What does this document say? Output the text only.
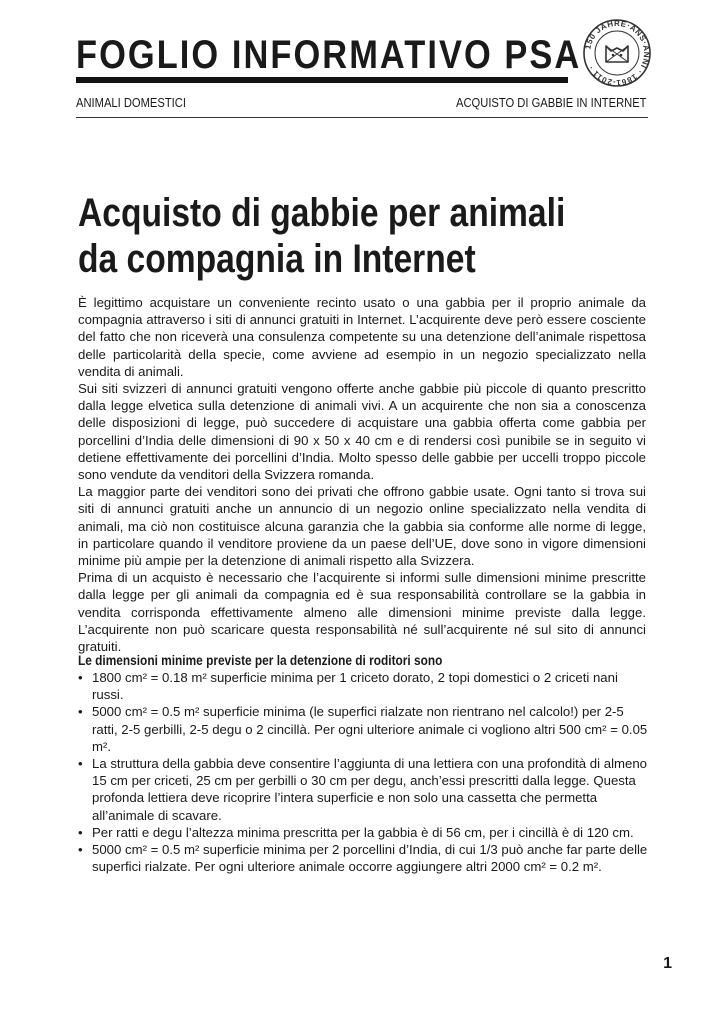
FOGLIO INFORMATIVO PSA 150 JAHRE·ANS·ANNI · 1861-2011 ·
ANIMALI DOMESTICI	ACQUISTO DI GABBIE IN INTERNET
Acquisto di gabbie per animali da compagnia in Internet

È legittimo acquistare un conveniente recinto usato o una gabbia per il proprio animale da compagnia attraverso i siti di annunci gratuiti in Internet. L’acquirente deve però essere cosciente del fatto che non riceverà una consulenza competente su una detenzione dell’animale rispettosa delle particolarità della specie, come avviene ad esempio in un negozio specializzato nella vendita di animali.

Sui siti svizzeri di annunci gratuiti vengono offerte anche gabbie più piccole di quanto prescritto dalla legge elvetica sulla detenzione di animali vivi. A un acquirente che non sia a conoscenza delle disposizioni di legge, può succedere di acquistare una gabbia offerta come gabbia per porcellini d’India delle dimensioni di 90 x 50 x 40 cm e di rendersi così punibile se in seguito vi detiene effettivamente dei porcellini d’India. Molto spesso delle gabbie per uccelli troppo piccole sono vendute da venditori della Svizzera romanda.

La maggior parte dei venditori sono dei privati che offrono gabbie usate. Ogni tanto si trova sui siti di annunci gratuiti anche un annuncio di un negozio online specializzato nella vendita di animali, ma ciò non costituisce alcuna garanzia che la gabbia sia conforme alle norme di legge, in particolare quando il venditore proviene da un paese dell’UE, dove sono in vigore dimensioni minime più ampie per la detenzione di animali rispetto alla Svizzera.

Prima di un acquisto è necessario che l’acquirente si informi sulle dimensioni minime prescritte dalla legge per gli animali da compagnia ed è sua responsabilità controllare se la gabbia in vendita corrisponda effettivamente almeno alle dimensioni minime previste dalla legge. L’acquirente non può scaricare questa responsabilità né sull’acquirente né sul sito di annunci gratuiti.

Le dimensioni minime previste per la detenzione di roditori sono
• 1800 cm² = 0.18 m² superficie minima per 1 criceto dorato, 2 topi domestici o 2 criceti nani russi.
• 5000 cm² = 0.5 m² superficie minima (le superfici rialzate non rientrano nel calcolo!) per 2-5 ratti, 2-5 gerbilli, 2-5 degu o 2 cincillà. Per ogni ulteriore animale ci vogliono altri 500 cm² = 0.05 m².
• La struttura della gabbia deve consentire l’aggiunta di una lettiera con una profondità di almeno 15 cm per criceti, 25 cm per gerbilli o 30 cm per degu, anch’essi prescritti dalla legge. Questa profonda lettiera deve ricoprire l’intera superficie e non solo una cassetta che permetta all’animale di scavare.
• Per ratti e degu l’altezza minima prescritta per la gabbia è di 56 cm, per i cincillà è di 120 cm.
• 5000 cm² = 0.5 m² superficie minima per 2 porcellini d’India, di cui 1/3 può anche far parte delle superfici rialzate. Per ogni ulteriore animale occorre aggiungere altri 2000 cm² = 0.2 m².
1
